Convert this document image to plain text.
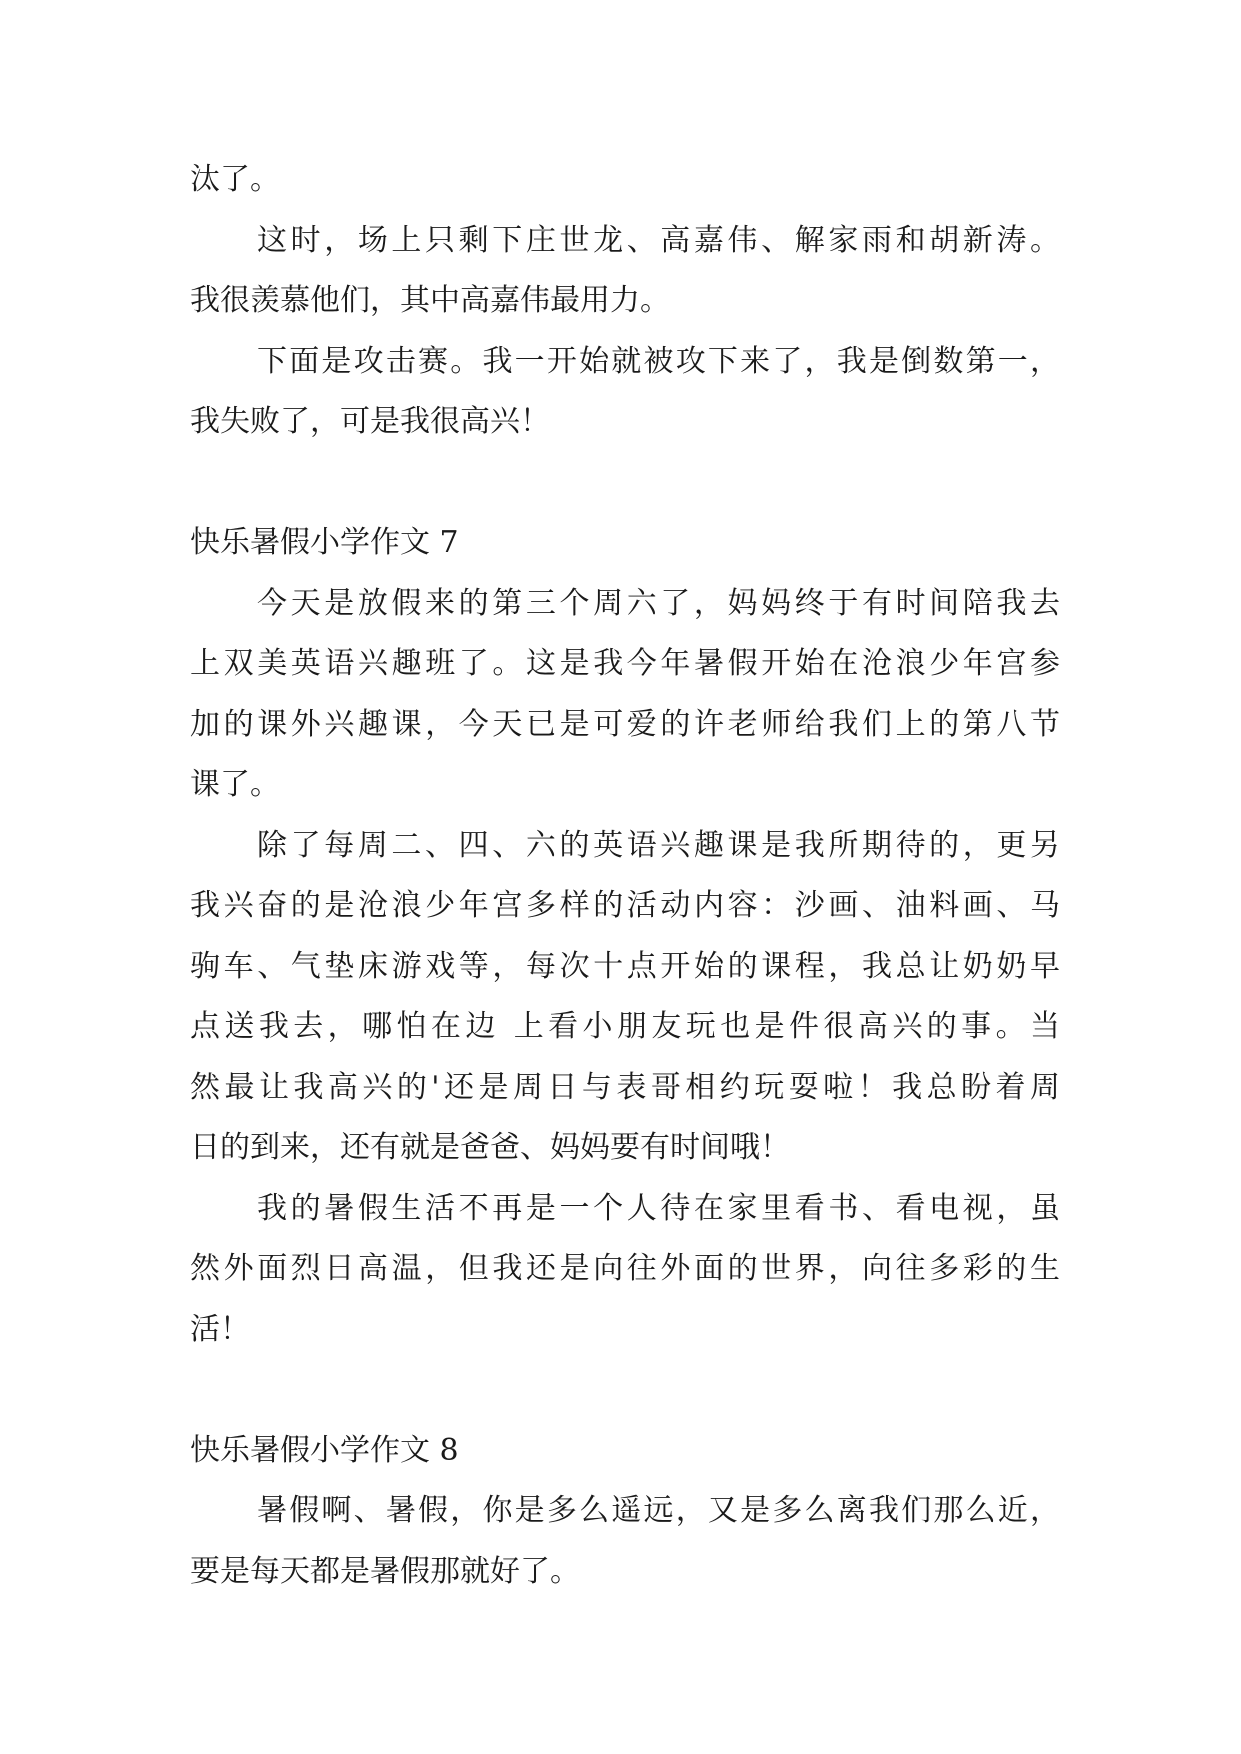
汰了。
这时，场上只剩下庄世龙、高嘉伟、解家雨和胡新涛。
我很羡慕他们，其中高嘉伟最用力。
下面是攻击赛。我一开始就被攻下来了，我是倒数第一，
我失败了，可是我很高兴！
快乐暑假小学作文 7
今天是放假来的第三个周六了，妈妈终于有时间陪我去
上双美英语兴趣班了。这是我今年暑假开始在沧浪少年宫参
加的课外兴趣课，今天已是可爱的许老师给我们上的第八节
课了。
除了每周二、四、六的英语兴趣课是我所期待的，更另
我兴奋的是沧浪少年宫多样的活动内容：沙画、油料画、马
驹车、气垫床游戏等，每次十点开始的课程，我总让奶奶早
点送我去，哪怕在边 上看小朋友玩也是件很高兴的事。当
然最让我高兴的'还是周日与表哥相约玩耍啦！我总盼着周
日的到来，还有就是爸爸、妈妈要有时间哦！
我的暑假生活不再是一个人待在家里看书、看电视，虽
然外面烈日高温，但我还是向往外面的世界，向往多彩的生
活！
快乐暑假小学作文 8
暑假啊、暑假，你是多么遥远，又是多么离我们那么近，
要是每天都是暑假那就好了。
